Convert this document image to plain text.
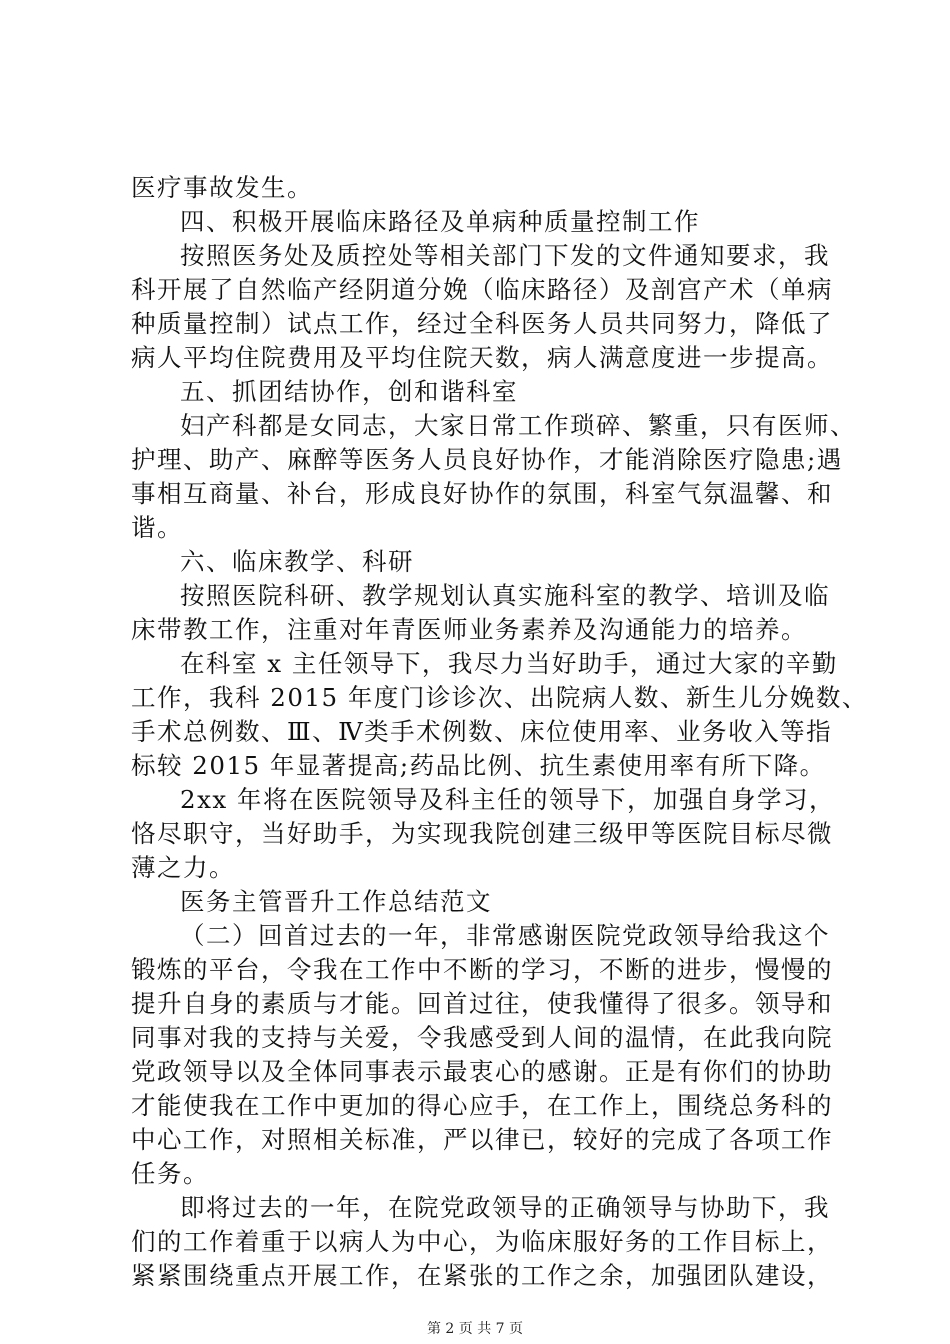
医疗事故发生。
四、积极开展临床路径及单病种质量控制工作
按照医务处及质控处等相关部门下发的文件通知要求，我
科开展了自然临产经阴道分娩（临床路径）及剖宫产术（单病
种质量控制）试点工作，经过全科医务人员共同努力，降低了
病人平均住院费用及平均住院天数，病人满意度进一步提高。
五、抓团结协作，创和谐科室
妇产科都是女同志，大家日常工作琐碎、繁重，只有医师、
护理、助产、麻醉等医务人员良好协作，才能消除医疗隐患;遇
事相互商量、补台，形成良好协作的氛围，科室气氛温馨、和
谐。
六、临床教学、科研
按照医院科研、教学规划认真实施科室的教学、培训及临
床带教工作，注重对年青医师业务素养及沟通能力的培养。
在科室 x 主任领导下，我尽力当好助手，通过大家的辛勤
工作，我科 2015 年度门诊诊次、出院病人数、新生儿分娩数、
手术总例数、Ⅲ、Ⅳ类手术例数、床位使用率、业务收入等指
标较 2015 年显著提高;药品比例、抗生素使用率有所下降。
2xx 年将在医院领导及科主任的领导下，加强自身学习，
恪尽职守，当好助手，为实现我院创建三级甲等医院目标尽微
薄之力。
医务主管晋升工作总结范文
（二）回首过去的一年，非常感谢医院党政领导给我这个
锻炼的平台，令我在工作中不断的学习，不断的进步，慢慢的
提升自身的素质与才能。回首过往，使我懂得了很多。领导和
同事对我的支持与关爱，令我感受到人间的温情，在此我向院
党政领导以及全体同事表示最衷心的感谢。正是有你们的协助
才能使我在工作中更加的得心应手，在工作上，围绕总务科的
中心工作，对照相关标准，严以律已，较好的完成了各项工作
任务。
即将过去的一年，在院党政领导的正确领导与协助下，我
们的工作着重于以病人为中心，为临床服好务的工作目标上，
紧紧围绕重点开展工作，在紧张的工作之余，加强团队建设，
第 2 页 共 7 页
